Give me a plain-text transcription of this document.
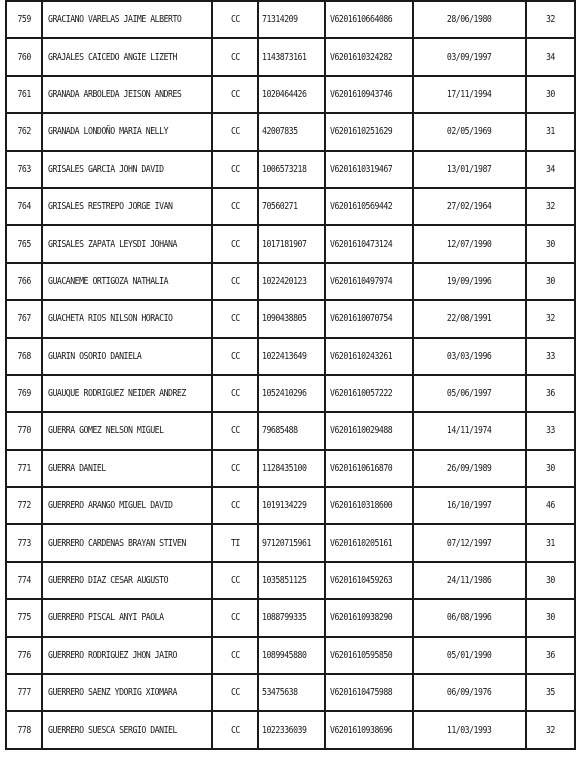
759	GRACIANO VARELAS JAIME ALBERTO	CC	71314209	V6201610664086	28/06/1980	32
760	GRAJALES CAICEDO ANGIE LIZETH	CC	1143873161	V6201610324282	03/09/1997	34
761	GRANADA ARBOLEDA JEISON ANDRES	CC	1020464426	V6201610943746	17/11/1994	30
762	GRANADA LONDOÑO MARIA NELLY	CC	42007835	V6201610251629	02/05/1969	31
763	GRISALES GARCIA JOHN DAVID	CC	1006573218	V6201610319467	13/01/1987	34
764	GRISALES RESTREPO JORGE IVAN	CC	70560271	V6201610569442	27/02/1964	32
765	GRISALES ZAPATA LEYSDI JOHANA	CC	1017181907	V6201610473124	12/07/1990	30
766	GUACANEME ORTIGOZA NATHALIA	CC	1022420123	V6201610497974	19/09/1996	30
767	GUACHETA RIOS NILSON HORACIO	CC	1090438805	V6201610070754	22/08/1991	32
768	GUARIN OSORIO DANIELA	CC	1022413649	V6201610243261	03/03/1996	33
769	GUAUQUE RODRIGUEZ NEIDER ANDREZ	CC	1052410296	V6201610057222	05/06/1997	36
770	GUERRA GOMEZ NELSON MIGUEL	CC	79685488	V6201610029488	14/11/1974	33
771	GUERRA DANIEL	CC	1128435100	V6201610616870	26/09/1989	30
772	GUERRERO ARANGO MIGUEL DAVID	CC	1019134229	V6201610318600	16/10/1997	46
773	GUERRERO CARDENAS BRAYAN STIVEN	TI	97120715961	V6201610205161	07/12/1997	31
774	GUERRERO DIAZ CESAR AUGUSTO	CC	1035851125	V6201610459263	24/11/1986	30
775	GUERRERO PISCAL ANYI PAOLA	CC	1088799335	V6201610938290	06/08/1996	30
776	GUERRERO RODRIGUEZ JHON JAIRO	CC	1089945880	V6201610595850	05/01/1990	36
777	GUERRERO SAENZ YDORIG XIOMARA	CC	53475638	V6201610475988	06/09/1976	35
778	GUERRERO SUESCA SERGIO DANIEL	CC	1022336039	V6201610938696	11/03/1993	32
